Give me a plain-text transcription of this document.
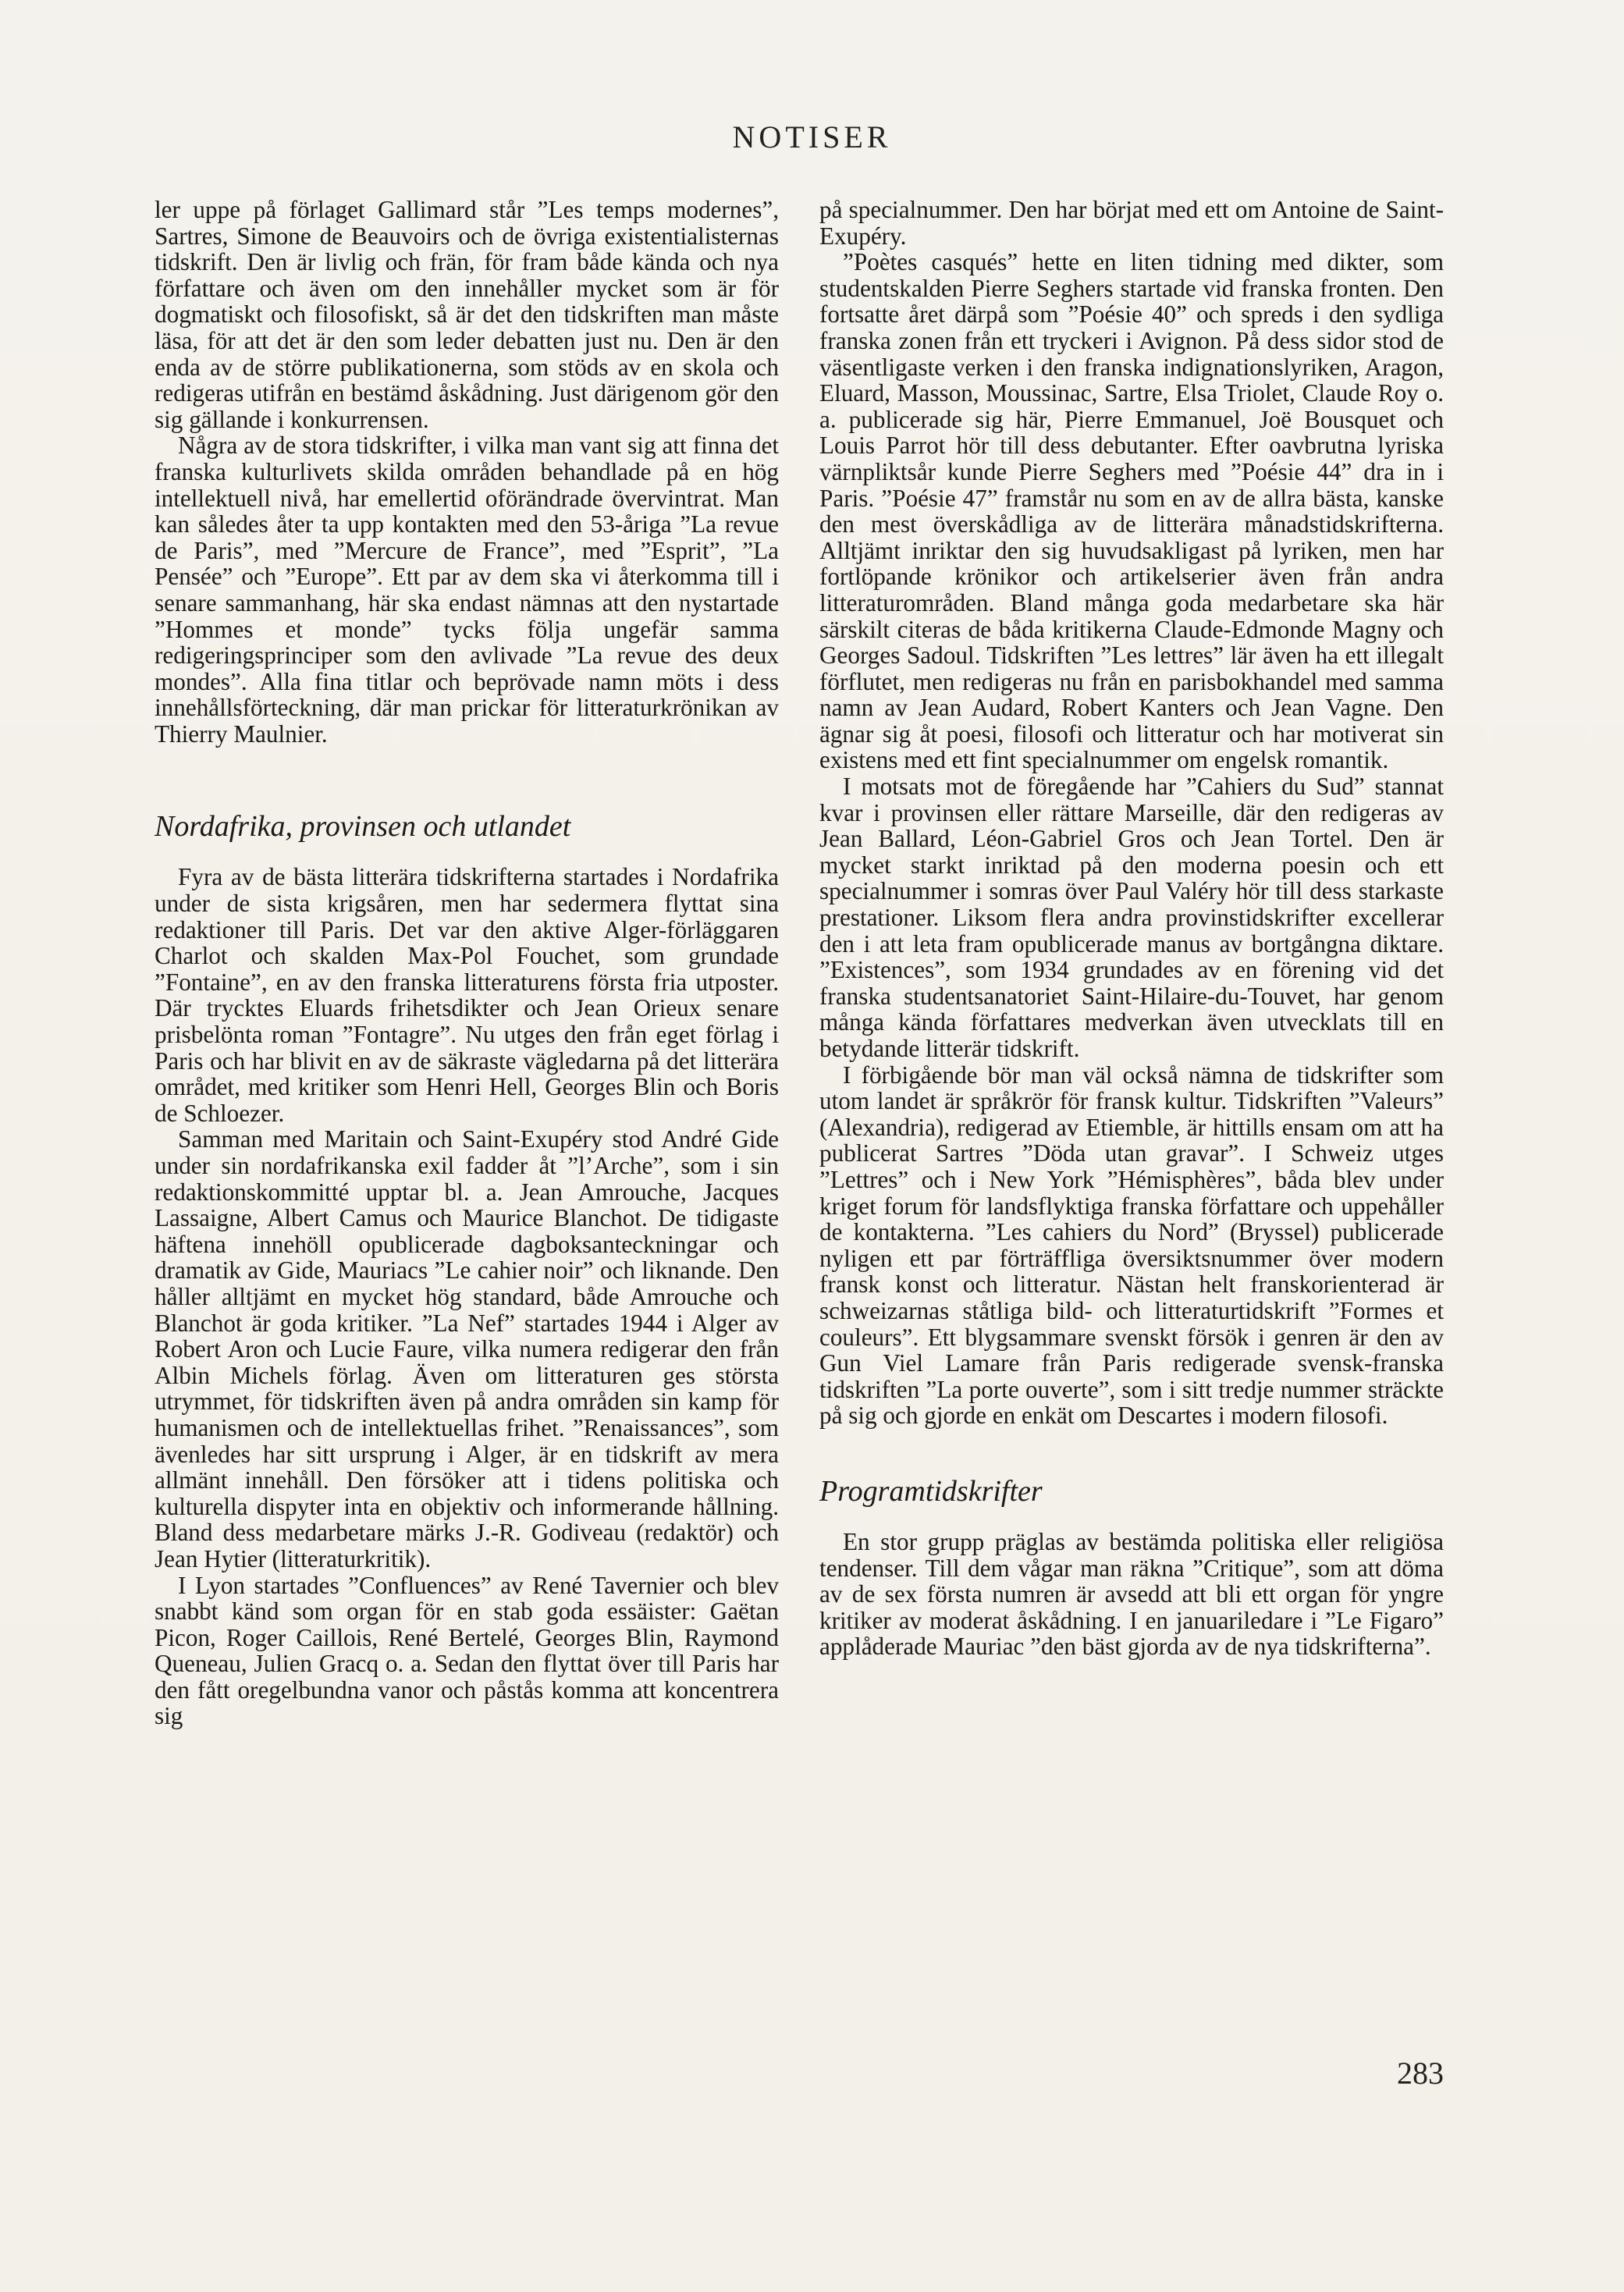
NOTISER

ler uppe på förlaget Gallimard står ”Les temps modernes”, Sartres, Simone de Beauvoirs och de övriga existentialisternas tidskrift. Den är livlig och frän, för fram både kända och nya författare och även om den innehåller mycket som är för dogmatiskt och filosofiskt, så är det den tidskriften man måste läsa, för att det är den som leder debatten just nu. Den är den enda av de större publikationerna, som stöds av en skola och redigeras utifrån en bestämd åskådning. Just därigenom gör den sig gällande i konkurrensen.

Några av de stora tidskrifter, i vilka man vant sig att finna det franska kulturlivets skilda områden behandlade på en hög intellektuell nivå, har emellertid oförändrade övervintrat. Man kan således åter ta upp kontakten med den 53-åriga ”La revue de Paris”, med ”Mercure de France”, med ”Esprit”, ”La Pensée” och ”Europe”. Ett par av dem ska vi återkomma till i senare sammanhang, här ska endast nämnas att den nystartade ”Hommes et monde” tycks följa ungefär samma redigeringsprinciper som den avlivade ”La revue des deux mondes”. Alla fina titlar och beprövade namn möts i dess innehållsförteckning, där man prickar för litteraturkrönikan av Thierry Maulnier.

Nordafrika, provinsen och utlandet

Fyra av de bästa litterära tidskrifterna startades i Nordafrika under de sista krigsåren, men har sedermera flyttat sina redaktioner till Paris. Det var den aktive Alger-förläggaren Charlot och skalden Max-Pol Fouchet, som grundade ”Fontaine”, en av den franska litteraturens första fria utposter. Där trycktes Eluards frihetsdikter och Jean Orieux senare prisbelönta roman ”Fontagre”. Nu utges den från eget förlag i Paris och har blivit en av de säkraste vägledarna på det litterära området, med kritiker som Henri Hell, Georges Blin och Boris de Schloezer.

Samman med Maritain och Saint-Exupéry stod André Gide under sin nordafrikanska exil fadder åt ”l’Arche”, som i sin redaktionskommitté upptar bl. a. Jean Amrouche, Jacques Lassaigne, Albert Camus och Maurice Blanchot. De tidigaste häftena innehöll opublicerade dagboksanteckningar och dramatik av Gide, Mauriacs ”Le cahier noir” och liknande. Den håller alltjämt en mycket hög standard, både Amrouche och Blanchot är goda kritiker. ”La Nef” startades 1944 i Alger av Robert Aron och Lucie Faure, vilka numera redigerar den från Albin Michels förlag. Även om litteraturen ges största utrymmet, för tidskriften även på andra områden sin kamp för humanismen och de intellektuellas frihet. ”Renaissances”, som ävenledes har sitt ursprung i Alger, är en tidskrift av mera allmänt innehåll. Den försöker att i tidens politiska och kulturella dispyter inta en objektiv och informerande hållning. Bland dess medarbetare märks J.-R. Godiveau (redaktör) och Jean Hytier (litteraturkritik).

I Lyon startades ”Confluences” av René Tavernier och blev snabbt känd som organ för en stab goda essäister: Gaëtan Picon, Roger Caillois, René Bertelé, Georges Blin, Raymond Queneau, Julien Gracq o. a. Sedan den flyttat över till Paris har den fått oregelbundna vanor och påstås komma att koncentrera sig

på specialnummer. Den har börjat med ett om Antoine de Saint-Exupéry.

”Poètes casqués” hette en liten tidning med dikter, som studentskalden Pierre Seghers startade vid franska fronten. Den fortsatte året därpå som ”Poésie 40” och spreds i den sydliga franska zonen från ett tryckeri i Avignon. På dess sidor stod de väsentligaste verken i den franska indignationslyriken, Aragon, Eluard, Masson, Moussinac, Sartre, Elsa Triolet, Claude Roy o. a. publicerade sig här, Pierre Emmanuel, Joë Bousquet och Louis Parrot hör till dess debutanter. Efter oavbrutna lyriska värnpliktsår kunde Pierre Seghers med ”Poésie 44” dra in i Paris. ”Poésie 47” framstår nu som en av de allra bästa, kanske den mest överskådliga av de litterära månadstidskrifterna. Alltjämt inriktar den sig huvudsakligast på lyriken, men har fortlöpande krönikor och artikelserier även från andra litteraturområden. Bland många goda medarbetare ska här särskilt citeras de båda kritikerna Claude-Edmonde Magny och Georges Sadoul. Tidskriften ”Les lettres” lär även ha ett illegalt förflutet, men redigeras nu från en parisbokhandel med samma namn av Jean Audard, Robert Kanters och Jean Vagne. Den ägnar sig åt poesi, filosofi och litteratur och har motiverat sin existens med ett fint specialnummer om engelsk romantik.

I motsats mot de föregående har ”Cahiers du Sud” stannat kvar i provinsen eller rättare Marseille, där den redigeras av Jean Ballard, Léon-Gabriel Gros och Jean Tortel. Den är mycket starkt inriktad på den moderna poesin och ett specialnummer i somras över Paul Valéry hör till dess starkaste prestationer. Liksom flera andra provinstidskrifter excellerar den i att leta fram opublicerade manus av bortgångna diktare. ”Existences”, som 1934 grundades av en förening vid det franska studentsanatoriet Saint-Hilaire-du-Touvet, har genom många kända författares medverkan även utvecklats till en betydande litterär tidskrift.

I förbigående bör man väl också nämna de tidskrifter som utom landet är språkrör för fransk kultur. Tidskriften ”Valeurs” (Alexandria), redigerad av Etiemble, är hittills ensam om att ha publicerat Sartres ”Döda utan gravar”. I Schweiz utges ”Lettres” och i New York ”Hémisphères”, båda blev under kriget forum för landsflyktiga franska författare och uppehåller de kontakterna. ”Les cahiers du Nord” (Bryssel) publicerade nyligen ett par förträffliga översiktsnummer över modern fransk konst och litteratur. Nästan helt franskorienterad är schweizarnas ståtliga bild- och litteraturtidskrift ”Formes et couleurs”. Ett blygsammare svenskt försök i genren är den av Gun Viel Lamare från Paris redigerade svensk-franska tidskriften ”La porte ouverte”, som i sitt tredje nummer sträckte på sig och gjorde en enkät om Descartes i modern filosofi.

Programtidskrifter

En stor grupp präglas av bestämda politiska eller religiösa tendenser. Till dem vågar man räkna ”Critique”, som att döma av de sex första numren är avsedd att bli ett organ för yngre kritiker av moderat åskådning. I en januariledare i ”Le Figaro” applåderade Mauriac ”den bäst gjorda av de nya tidskrifterna”.

283
